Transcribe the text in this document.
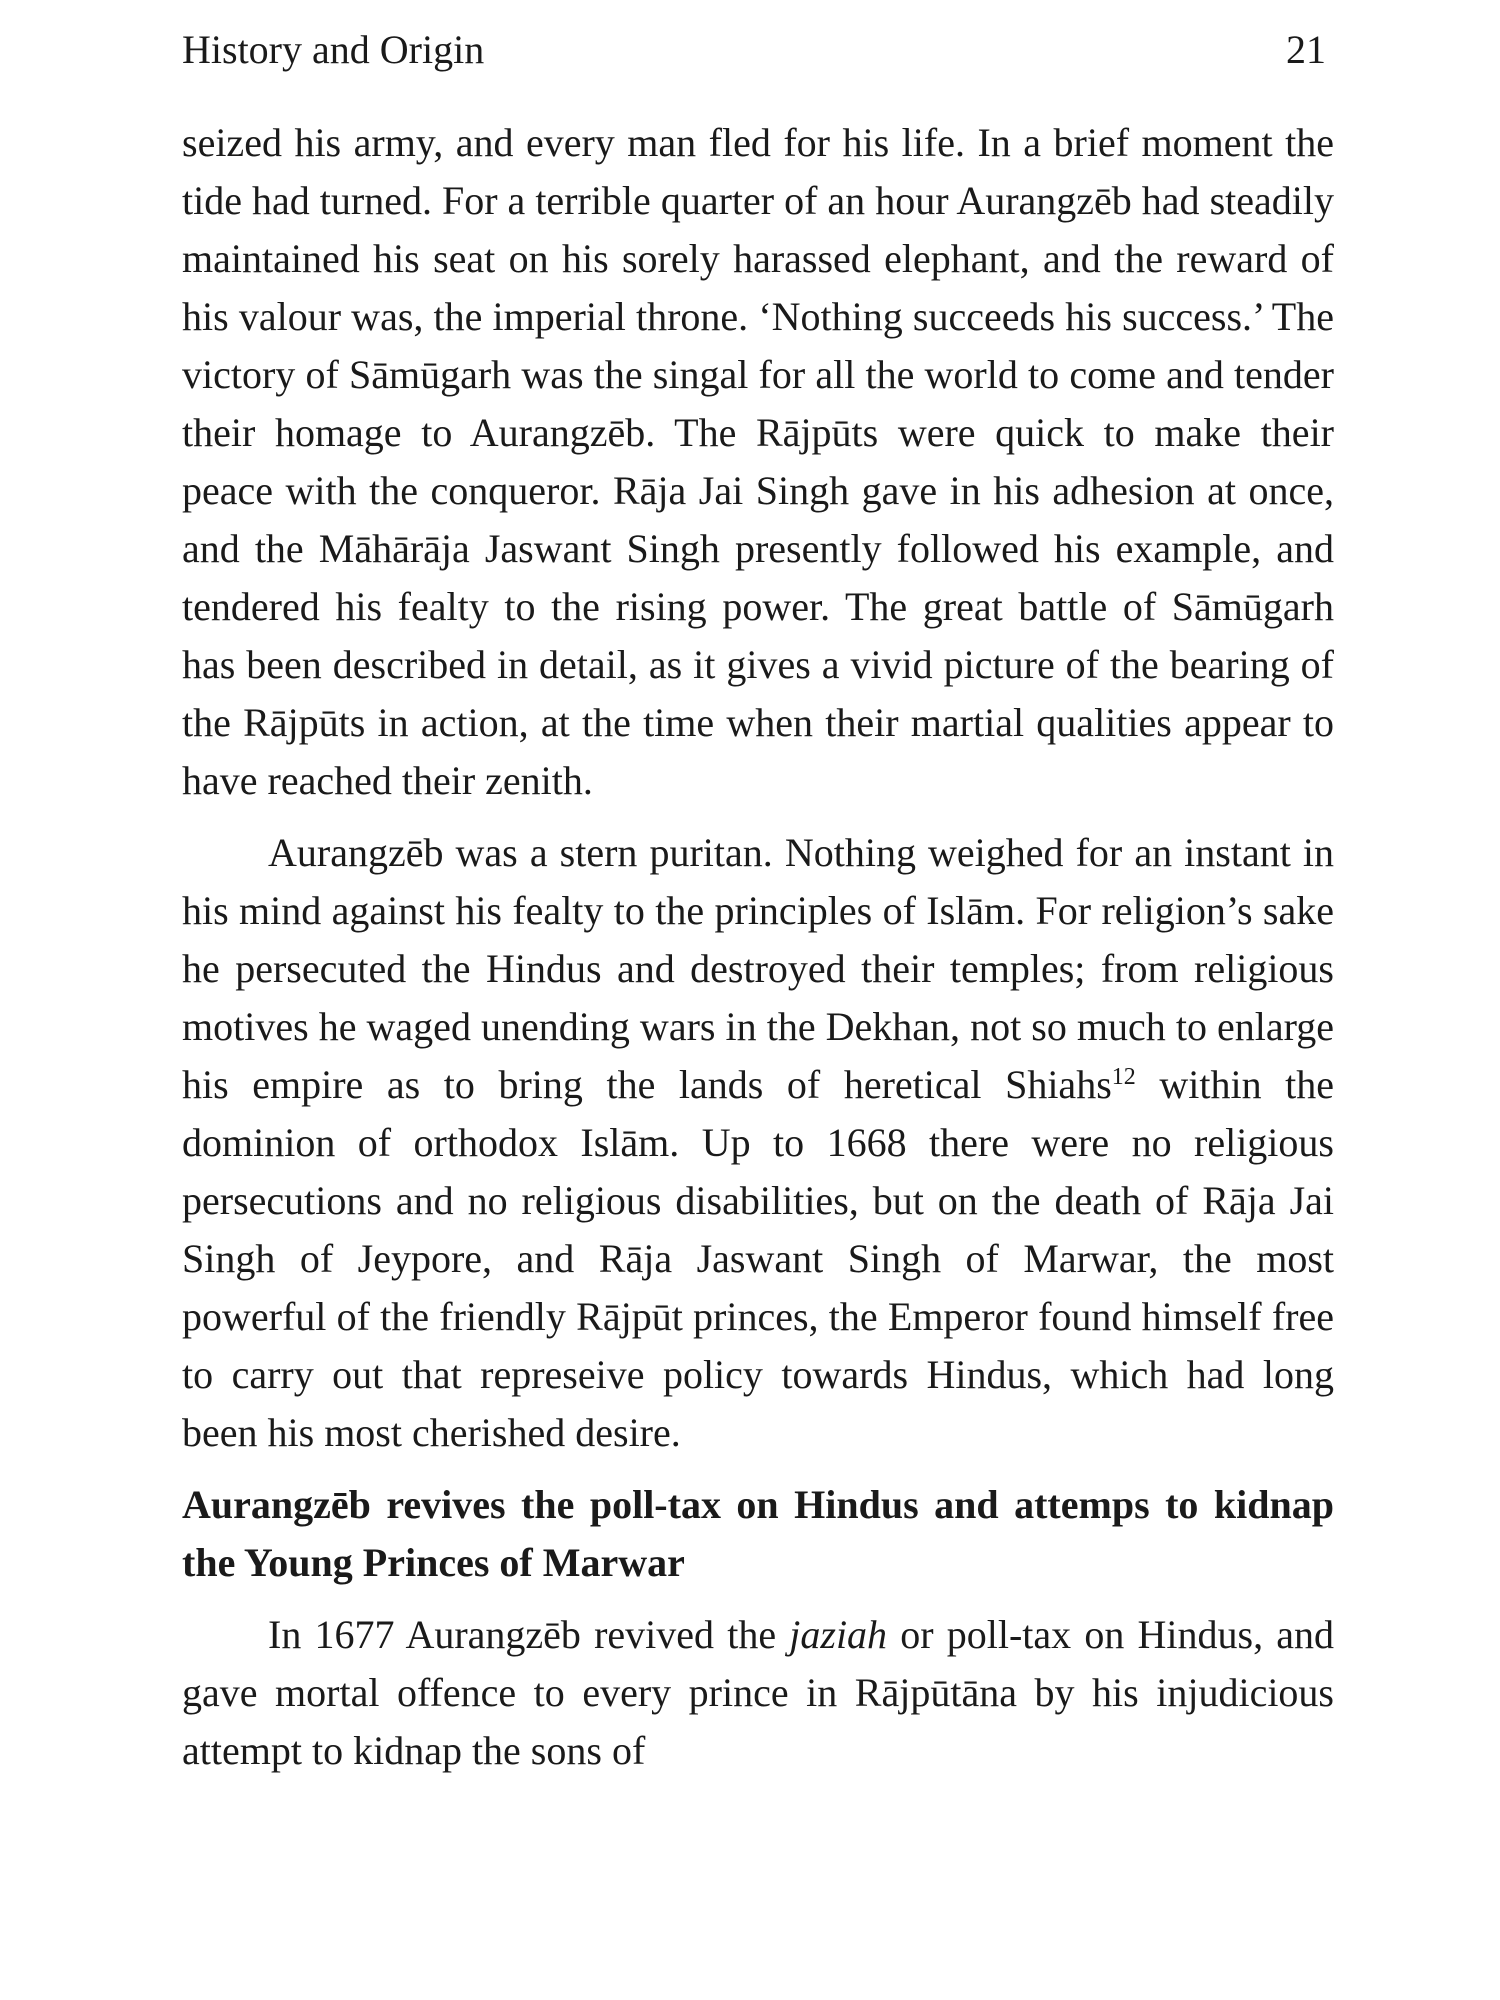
History and Origin	21

seized his army, and every man fled for his life. In a brief moment the tide had turned. For a terrible quarter of an hour Aurangzēb had steadily maintained his seat on his sorely harassed elephant, and the reward of his valour was, the imperial throne. ‘Nothing succeeds his success.’ The victory of Sāmūgarh was the singal for all the world to come and tender their homage to Aurangzēb. The Rājpūts were quick to make their peace with the conqueror. Rāja Jai Singh gave in his adhesion at once, and the Māhārāja Jaswant Singh presently followed his example, and tendered his fealty to the rising power. The great battle of Sāmūgarh has been described in detail, as it gives a vivid picture of the bearing of the Rājpūts in action, at the time when their martial qualities appear to have reached their zenith.

Aurangzēb was a stern puritan. Nothing weighed for an instant in his mind against his fealty to the principles of Islām. For religion’s sake he persecuted the Hindus and destroyed their temples; from religious motives he waged unending wars in the Dekhan, not so much to enlarge his empire as to bring the lands of heretical Shiahs$^{12}$ within the dominion of orthodox Islām. Up to 1668 there were no religious persecutions and no religious disabilities, but on the death of Rāja Jai Singh of Jeypore, and Rāja Jaswant Singh of Marwar, the most powerful of the friendly Rājpūt princes, the Emperor found himself free to carry out that represeive policy towards Hindus, which had long been his most cherished desire.

Aurangzēb revives the poll-tax on Hindus and attemps to kidnap the Young Princes of Marwar

In 1677 Aurangzēb revived the jaziah or poll-tax on Hindus, and gave mortal offence to every prince in Rājpūtāna by his injudicious attempt to kidnap the sons of
